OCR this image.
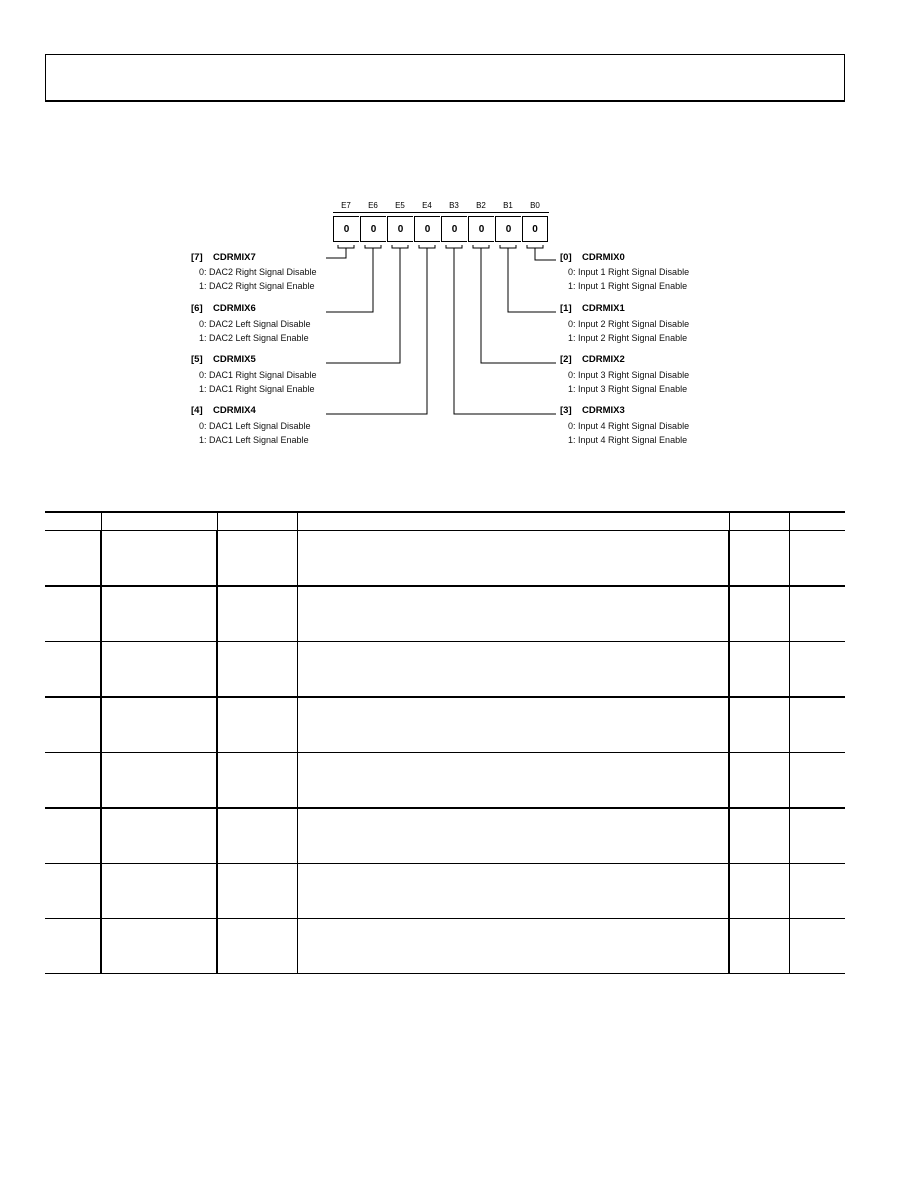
E7	E6	E5	E4	B3	B2	B1	B0
0	0	0	0	0	0	0	0
[7] CDRMIX7
0: DAC2 Right Signal Disable
1: DAC2 Right Signal Enable
[6] CDRMIX6
0: DAC2 Left Signal Disable
1: DAC2 Left Signal Enable
[5] CDRMIX5
0: DAC1 Right Signal Disable
1: DAC1 Right Signal Enable
[4] CDRMIX4
0: DAC1 Left Signal Disable
1: DAC1 Left Signal Enable
[0] CDRMIX0
0: Input 1 Right Signal Disable
1: Input 1 Right Signal Enable
[1] CDRMIX1
0: Input 2 Right Signal Disable
1: Input 2 Right Signal Enable
[2] CDRMIX2
0: Input 3 Right Signal Disable
1: Input 3 Right Signal Enable
[3] CDRMIX3
0: Input 4 Right Signal Disable
1: Input 4 Right Signal Enable
